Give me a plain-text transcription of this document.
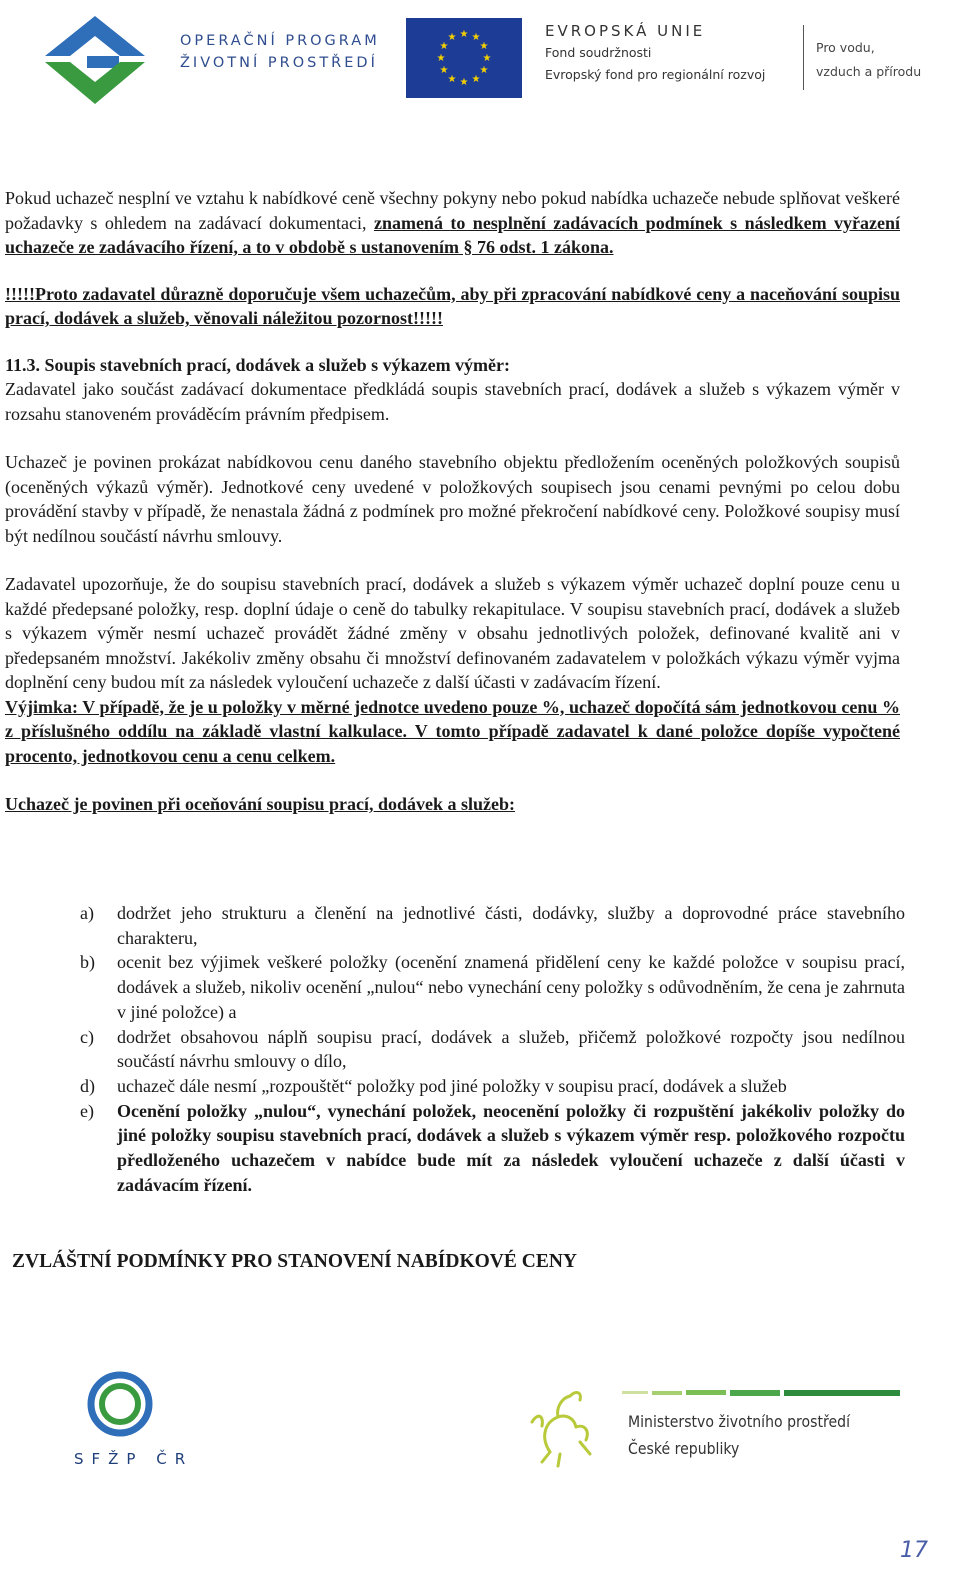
OPERAČNÍ PROGRAM
ŽIVOTNÍ PROSTŘEDÍ
★ ★
★
★
★
★
★
★
★
★
★
★	EVROPSKÁ UNIE
Fond soudržnosti
Evropský fond pro regionální rozvoj
Pro vodu,
vzduch a přírodu

Pokud uchazeč nesplní ve vztahu k nabídkové ceně všechny pokyny nebo pokud nabídka uchazeče nebude splňovat veškeré požadavky s ohledem na zadávací dokumentaci, znamená to nesplnění zadávacích podmínek s následkem vyřazení uchazeče ze zadávacího řízení, a to v obdobě s ustanovením § 76 odst. 1 zákona.

!!!!!Proto zadavatel důrazně doporučuje všem uchazečům, aby při zpracování nabídkové ceny a naceňování soupisu prací, dodávek a služeb, věnovali náležitou pozornost!!!!!

11.3. Soupis stavebních prací, dodávek a služeb s výkazem výměr:

Zadavatel jako součást zadávací dokumentace předkládá soupis stavebních prací, dodávek a služeb s výkazem výměr v rozsahu stanoveném prováděcím právním předpisem.

Uchazeč je povinen prokázat nabídkovou cenu daného stavebního objektu předložením oceněných položkových soupisů (oceněných výkazů výměr). Jednotkové ceny uvedené v položkových soupisech jsou cenami pevnými po celou dobu provádění stavby v případě, že nenastala žádná z podmínek pro možné překročení nabídkové ceny. Položkové soupisy musí být nedílnou součástí návrhu smlouvy.

Zadavatel upozorňuje, že do soupisu stavebních prací, dodávek a služeb s výkazem výměr uchazeč doplní pouze cenu u každé předepsané položky, resp. doplní údaje o ceně do tabulky rekapitulace. V soupisu stavebních prací, dodávek a služeb s výkazem výměr nesmí uchazeč provádět žádné změny v obsahu jednotlivých položek, definované kvalitě ani v předepsaném množství. Jakékoliv změny obsahu či množství definovaném zadavatelem v položkách výkazu výměr vyjma doplnění ceny budou mít za následek vyloučení uchazeče z další účasti v zadávacím řízení.

Výjimka: V případě, že je u položky v měrné jednotce uvedeno pouze %, uchazeč dopočítá sám jednotkovou cenu % z příslušného oddílu na základě vlastní kalkulace. V tomto případě zadavatel k dané položce dopíše vypočtené procento, jednotkovou cenu a cenu celkem.

Uchazeč je povinen při oceňování soupisu prací, dodávek a služeb:

a)	dodržet jeho strukturu a členění na jednotlivé části, dodávky, služby a doprovodné práce stavebního charakteru,
b)	ocenit bez výjimek veškeré položky (ocenění znamená přidělení ceny ke každé položce v soupisu prací, dodávek a služeb, nikoliv ocenění „nulou“ nebo vynechání ceny položky s odůvodněním, že cena je zahrnuta v jiné položce) a
c)	dodržet obsahovou náplň soupisu prací, dodávek a služeb, přičemž položkové rozpočty jsou nedílnou součástí návrhu smlouvy o dílo,
d)	uchazeč dále nesmí „rozpouštět“ položky pod jiné položky v soupisu prací, dodávek a služeb
e)	Ocenění položky „nulou“, vynechání položek, neocenění položky či rozpuštění jakékoliv položky do jiné položky soupisu stavebních prací, dodávek a služeb s výkazem výměr resp. položkového rozpočtu předloženého uchazečem v nabídce bude mít za následek vyloučení uchazeče z další účasti v zadávacím řízení.
ZVLÁŠTNÍ PODMÍNKY PRO STANOVENÍ NABÍDKOVÉ CENY
SFŽP ČR
Ministerstvo životního prostředí
České republiky
17
